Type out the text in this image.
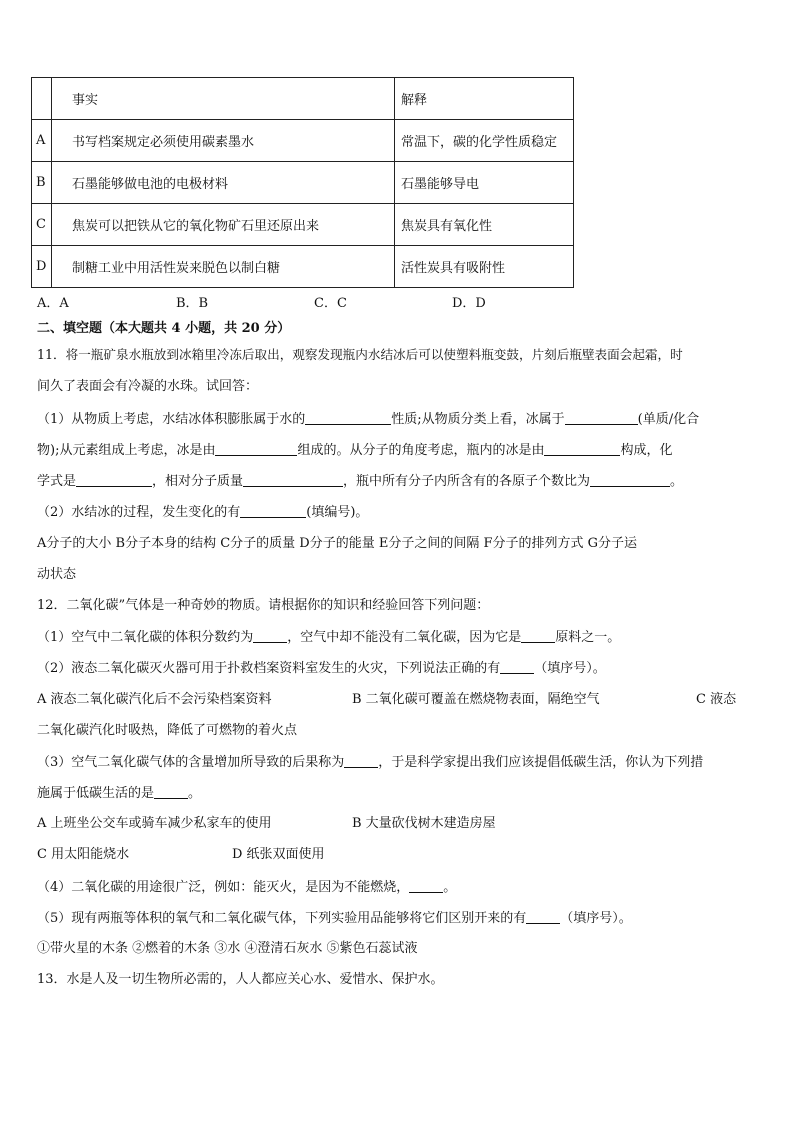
	事实	解释
A	书写档案规定必须使用碳素墨水	常温下，碳的化学性质稳定
B	石墨能够做电池的电极材料	石墨能够导电
C	焦炭可以把铁从它的氧化物矿石里还原出来	焦炭具有氧化性
D	制糖工业中用活性炭来脱色以制白糖	活性炭具有吸附性
A．A	B．B	C．C	D．D
二、填空题（本大题共 4 小题，共 20 分）
11．将一瓶矿泉水瓶放到冰箱里冷冻后取出，观察发现瓶内水结冰后可以使塑料瓶变鼓，片刻后瓶壁表面会起霜，时
间久了表面会有冷凝的水珠。试回答：
（1）从物质上考虑，水结冰体积膨胀属于水的	性质;从物质分类上看，冰属于	(单质/化合
物);从元素组成上考虑，冰是由	组成的。从分子的角度考虑，瓶内的冰是由	构成，化
学式是	，相对分子质量	，瓶中所有分子内所含有的各原子个数比为	。
（2）水结冰的过程，发生变化的有	(填编号)。
A分子的大小 B分子本身的结构 C分子的质量 D分子的能量 E分子之间的间隔 F分子的排列方式 G分子运
动状态
12．二氧化碳”气体是一种奇妙的物质。请根据你的知识和经验回答下列问题：
（1）空气中二氧化碳的体积分数约为	，空气中却不能没有二氧化碳，因为它是	原料之一。
（2）液态二氧化碳灭火器可用于扑救档案资料室发生的火灾，下列说法正确的有	（填序号）。
A 液态二氧化碳汽化后不会污染档案资料	B 二氧化碳可覆盖在燃烧物表面，隔绝空气	C 液态
二氧化碳汽化时吸热，降低了可燃物的着火点
（3）空气二氧化碳气体的含量增加所导致的后果称为	，于是科学家提出我们应该提倡低碳生活，你认为下列措
施属于低碳生活的是	。
A 上班坐公交车或骑车减少私家车的使用	B 大量砍伐树木建造房屋
C 用太阳能烧水	D 纸张双面使用
（4）二氧化碳的用途很广泛，例如：能灭火，是因为不能燃烧，	。
（5）现有两瓶等体积的氧气和二氧化碳气体，下列实验用品能够将它们区别开来的有	（填序号）。
①带火星的木条 ②燃着的木条 ③水 ④澄清石灰水 ⑤紫色石蕊试液
13．水是人及一切生物所必需的，人人都应关心水、爱惜水、保护水。
